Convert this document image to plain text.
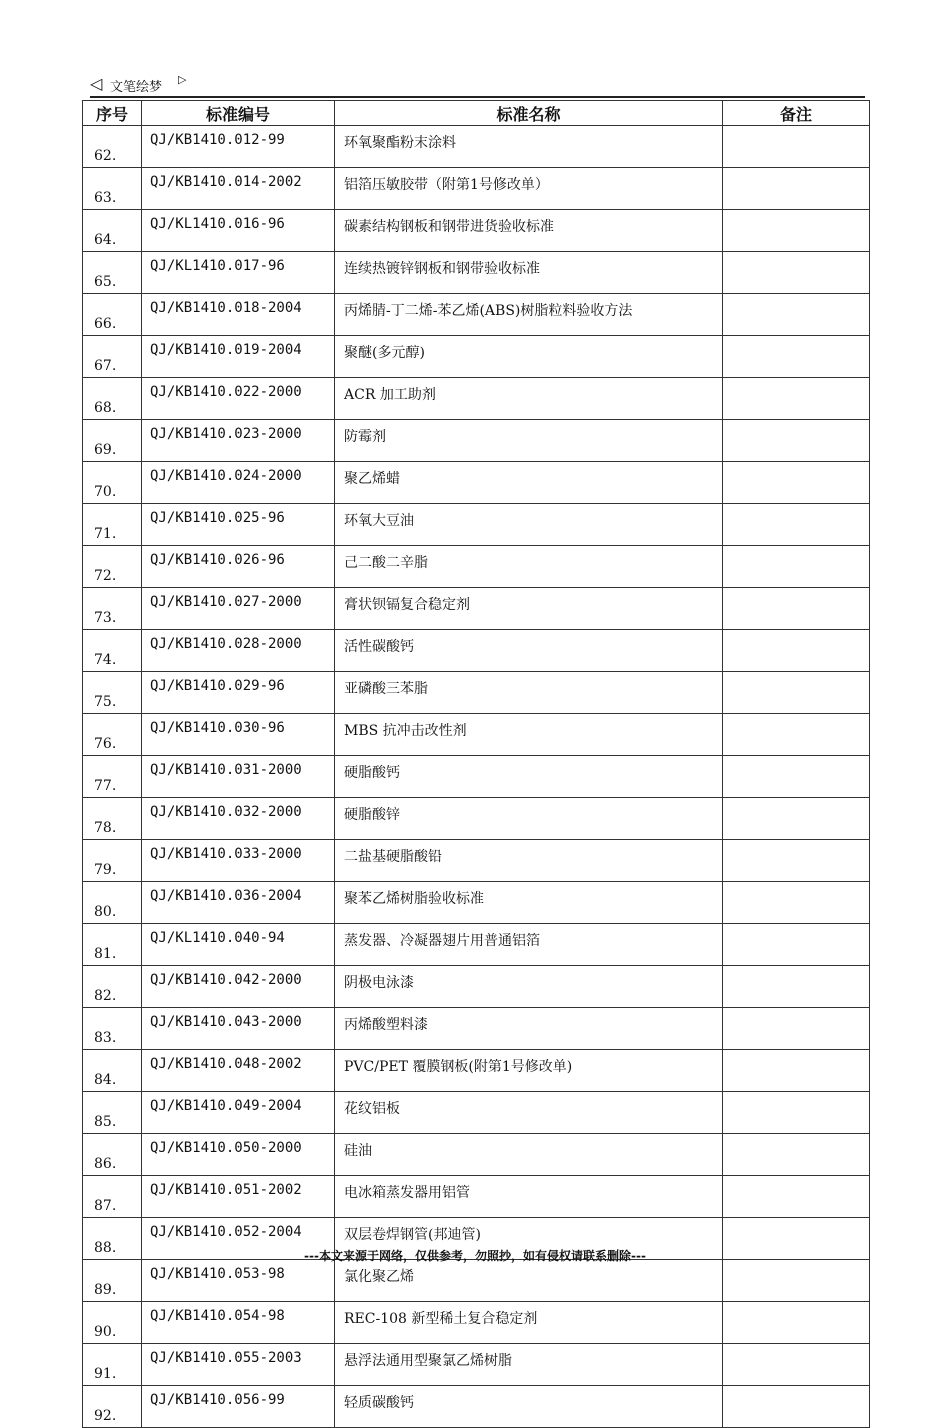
◁ 文笔绘梦
▷
序号	标准编号	标准名称	备注
62.	QJ/KB1410.012-99	环氧聚酯粉末涂料	
63.	QJ/KB1410.014-2002	铝箔压敏胶带（附第1号修改单）	
64.	QJ/KL1410.016-96	碳素结构钢板和钢带进货验收标准	
65.	QJ/KL1410.017-96	连续热镀锌钢板和钢带验收标准	
66.	QJ/KB1410.018-2004	丙烯腈-丁二烯-苯乙烯(ABS)树脂粒料验收方法	
67.	QJ/KB1410.019-2004	聚醚(多元醇)	
68.	QJ/KB1410.022-2000	ACR 加工助剂	
69.	QJ/KB1410.023-2000	防霉剂	
70.	QJ/KB1410.024-2000	聚乙烯蜡	
71.	QJ/KB1410.025-96	环氧大豆油	
72.	QJ/KB1410.026-96	己二酸二辛脂	
73.	QJ/KB1410.027-2000	膏状钡镉复合稳定剂	
74.	QJ/KB1410.028-2000	活性碳酸钙	
75.	QJ/KB1410.029-96	亚磷酸三苯脂	
76.	QJ/KB1410.030-96	MBS 抗冲击改性剂	
77.	QJ/KB1410.031-2000	硬脂酸钙	
78.	QJ/KB1410.032-2000	硬脂酸锌	
79.	QJ/KB1410.033-2000	二盐基硬脂酸铅	
80.	QJ/KB1410.036-2004	聚苯乙烯树脂验收标准	
81.	QJ/KL1410.040-94	蒸发器、冷凝器翅片用普通铝箔	
82.	QJ/KB1410.042-2000	阴极电泳漆	
83.	QJ/KB1410.043-2000	丙烯酸塑料漆	
84.	QJ/KB1410.048-2002	PVC/PET 覆膜钢板(附第1号修改单)	
85.	QJ/KB1410.049-2004	花纹铝板	
86.	QJ/KB1410.050-2000	硅油	
87.	QJ/KB1410.051-2002	电冰箱蒸发器用铝管	
88.	QJ/KB1410.052-2004	双层卷焊钢管(邦迪管)	
89.	QJ/KB1410.053-98	氯化聚乙烯	
90.	QJ/KB1410.054-98	REC-108 新型稀土复合稳定剂	
91.	QJ/KB1410.055-2003	悬浮法通用型聚氯乙烯树脂	
92.	QJ/KB1410.056-99	轻质碳酸钙	
---本文来源于网络，仅供参考，勿照抄，如有侵权请联系删除---
